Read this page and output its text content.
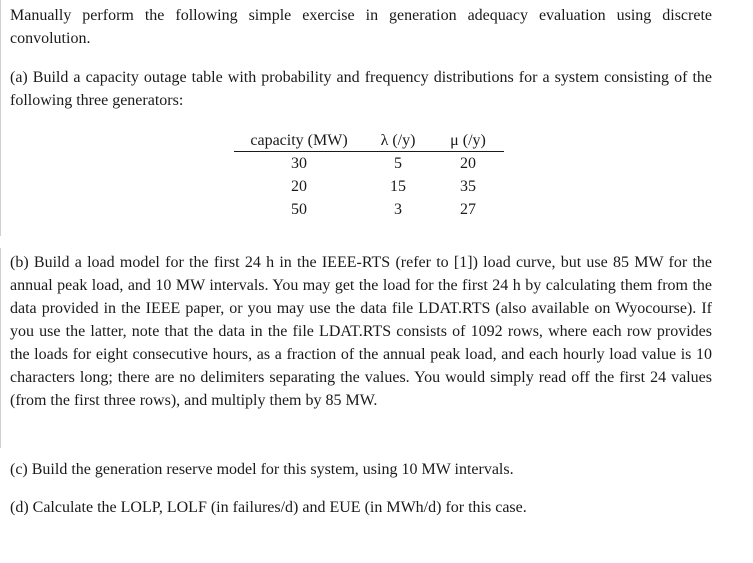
Manually perform the following simple exercise in generation adequacy evaluation using discrete convolution.

(a) Build a capacity outage table with probability and frequency distributions for a system consisting of the following three generators:

capacity (MW)	λ (/y)	μ (/y)
30	5	20
20	15	35
50	3	27

(b) Build a load model for the first 24 h in the IEEE-RTS (refer to [1]) load curve, but use 85 MW for the annual peak load, and 10 MW intervals. You may get the load for the first 24 h by calculating them from the data provided in the IEEE paper, or you may use the data file LDAT.RTS (also available on Wyocourse). If you use the latter, note that the data in the file LDAT.RTS consists of 1092 rows, where each row provides the loads for eight consecutive hours, as a fraction of the annual peak load, and each hourly load value is 10 characters long; there are no delimiters separating the values. You would simply read off the first 24 values (from the first three rows), and multiply them by 85 MW.

(c) Build the generation reserve model for this system, using 10 MW intervals.

(d) Calculate the LOLP, LOLF (in failures/d) and EUE (in MWh/d) for this case.
